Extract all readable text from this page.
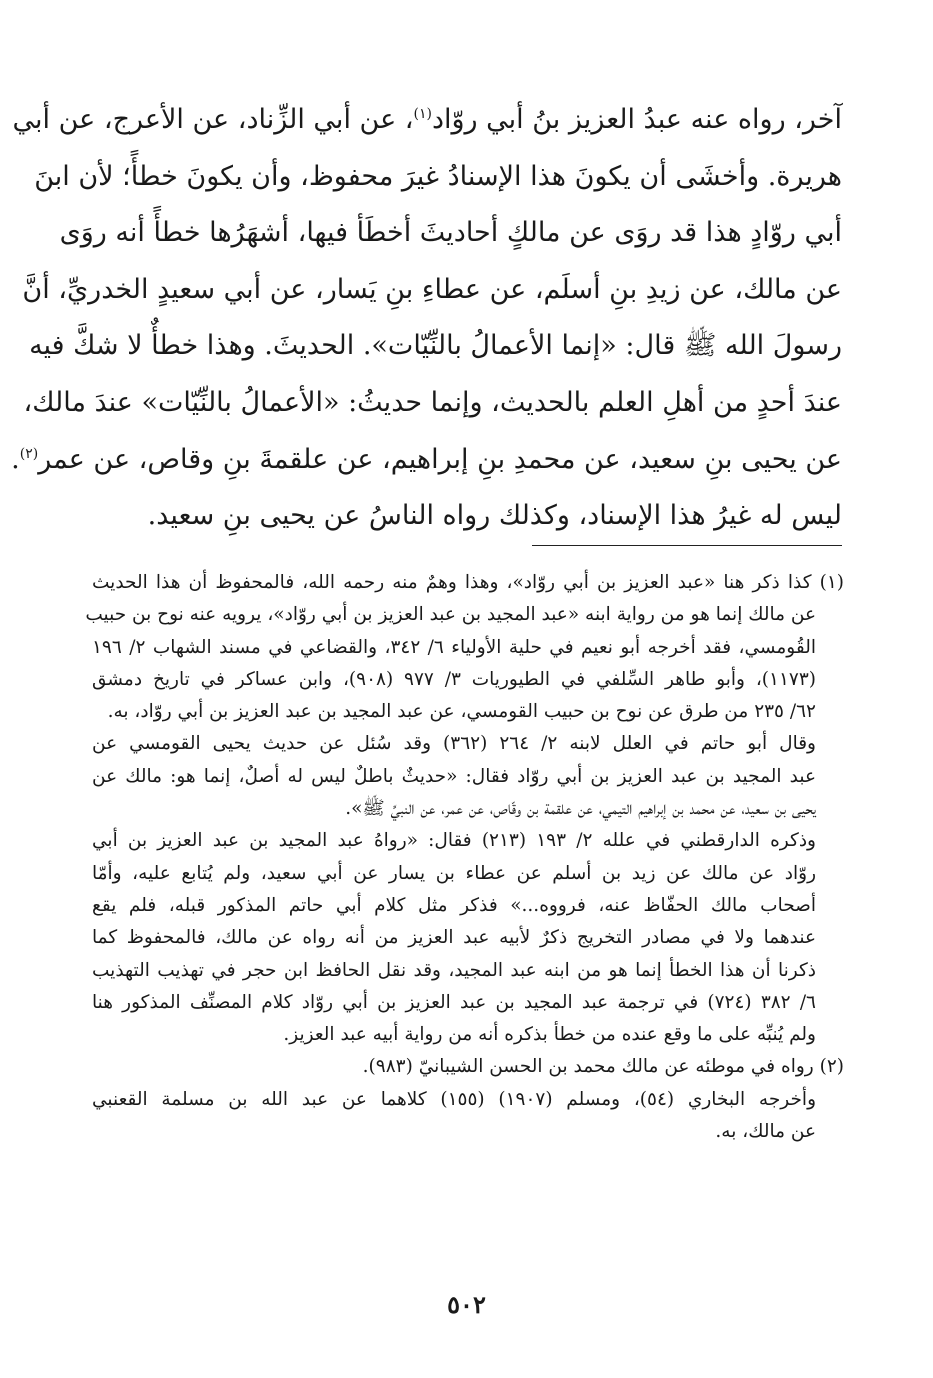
آخر، رواه عنه عبدُ العزيز بنُ أبي روّاد$^{(١)}$، عن أبي الزِّناد، عن الأعرج، عن أبي
هريرة. وأخشَى أن يكونَ هذا الإسنادُ غيرَ محفوظ، وأن يكونَ خطأً؛ لأن ابنَ
أبي روّادٍ هذا قد روَى عن مالكٍ أحاديثَ أخطَأ فيها، أشهَرُها خطأً أنه روَى
عن مالك، عن زيدِ بنِ أسلَم، عن عطاءِ بنِ يَسار، عن أبي سعيدٍ الخدريِّ، أنَّ
رسولَ الله ﷺ قال: «إنما الأعمالُ بالنِّيّات». الحديثَ. وهذا خطأٌ لا شكَّ فيه
عندَ أحدٍ من أهلِ العلم بالحديث، وإنما حديثُ: «الأعمالُ بالنِّيّات» عندَ مالك،
عن يحيى بنِ سعيد، عن محمدِ بنِ إبراهيم، عن علقمةَ بنِ وقاص، عن عمر$^{(٢)}$.
ليس له غيرُ هذا الإسناد، وكذلك رواه الناسُ عن يحيى بنِ سعيد.
(١) كذا ذكر هنا «عبد العزيز بن أبي روّاد»، وهذا وهمٌ منه رحمه الله، فالمحفوظ أن هذا الحديث
عن مالك إنما هو من رواية ابنه «عبد المجيد بن عبد العزيز بن أبي روّاد»، يرويه عنه نوح بن حبيب
القُومسي، فقد أخرجه أبو نعيم في حلية الأولياء ٦/ ٣٤٢، والقضاعي في مسند الشهاب ٢/ ١٩٦
(١١٧٣)، وأبو طاهر السِّلفي في الطيوريات ٣/ ٩٧٧ (٩٠٨)، وابن عساكر في تاريخ دمشق
٦٢/ ٢٣٥ من طرق عن نوح بن حبيب القومسي، عن عبد المجيد بن عبد العزيز بن أبي روّاد، به.
وقال أبو حاتم في العلل لابنه ٢/ ٢٦٤ (٣٦٢) وقد سُئل عن حديث يحيى القومسي عن
عبد المجيد بن عبد العزيز بن أبي روّاد فقال: «حديثٌ باطلٌ ليس له أصلٌ، إنما هو: مالك عن
يحيى بن سعيد، عن محمد بن إبراهيم التيمي، عن علقمة بن وقّاص، عن عمر، عن النبيِّ ﷺ».
وذكره الدارقطني في علله ٢/ ١٩٣ (٢١٣) فقال: «رواهُ عبد المجيد بن عبد العزيز بن أبي
روّاد عن مالك عن زيد بن أسلم عن عطاء بن يسار عن أبي سعيد، ولم يُتابع عليه، وأمّا
أصحاب مالك الحفّاظ عنه، فرووه...» فذكر مثل كلام أبي حاتم المذكور قبله، فلم يقع
عندهما ولا في مصادر التخريج ذكرٌ لأبيه عبد العزيز من أنه رواه عن مالك، فالمحفوظ كما
ذكرنا أن هذا الخطأ إنما هو من ابنه عبد المجيد، وقد نقل الحافظ ابن حجر في تهذيب التهذيب
٦/ ٣٨٢ (٧٢٤) في ترجمة عبد المجيد بن عبد العزيز بن أبي روّاد كلام المصنِّف المذكور هنا
ولم يُنبِّه على ما وقع عنده من خطأ بذكره أنه من رواية أبيه عبد العزيز.
(٢) رواه في موطئه عن مالك محمد بن الحسن الشيبانيّ (٩٨٣).
وأخرجه البخاري (٥٤)، ومسلم (١٩٠٧) (١٥٥) كلاهما عن عبد الله بن مسلمة القعنبي
عن مالك، به.
٥٠٢
